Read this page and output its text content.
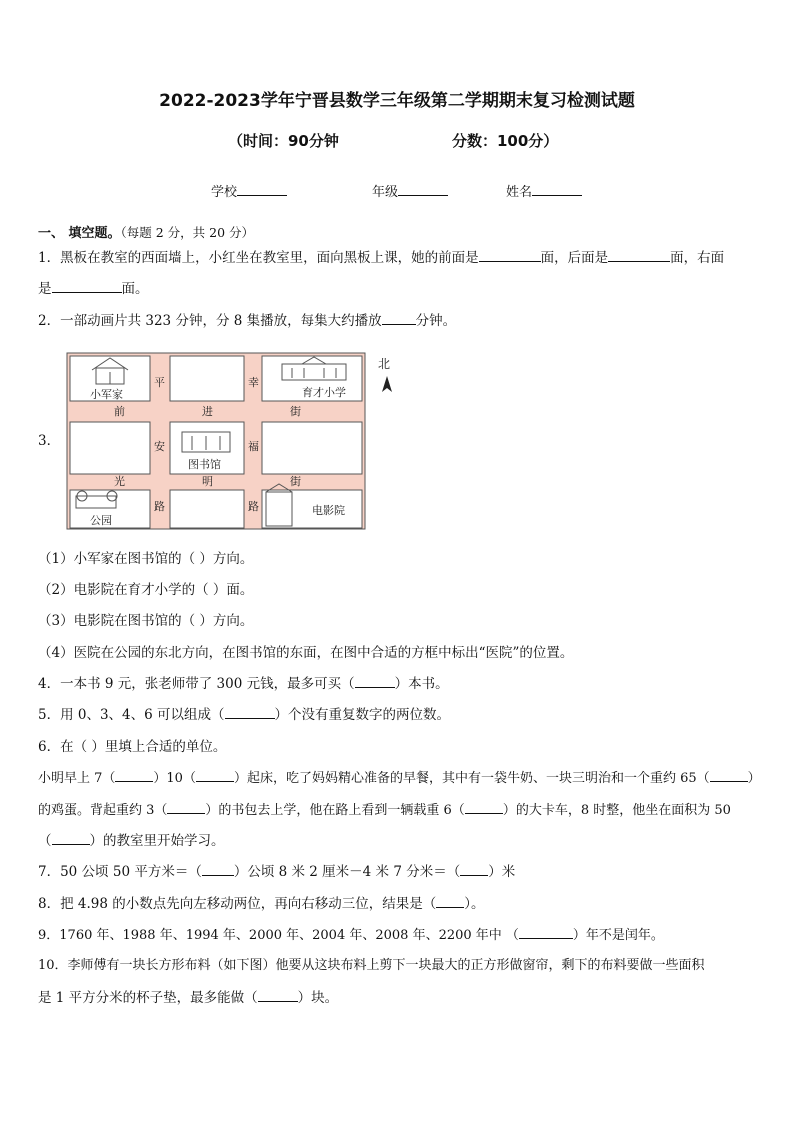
2022-2023学年宁晋县数学三年级第二学期期末复习检测试题
（时间：90分钟	分数：100分）
学校	年级	姓名
一、 填空题。（每题 2 分，共 20 分）
1．黑板在教室的西面墙上，小红坐在教室里，面向黑板上课，她的前面是	面，后面是	面，右面
是	面。
2．一部动画片共 323 分钟，分 8 集播放，每集大约播放	分钟。
3．
小军家	育才小学
图书馆
公园
电影院
平
安
路
幸
福
路
前	进	街
光	明	街
北
（1）小军家在图书馆的（ ）方向。
（2）电影院在育才小学的（ ）面。
（3）电影院在图书馆的（ ）方向。
（4）医院在公园的东北方向，在图书馆的东面，在图中合适的方框中标出“医院”的位置。
4．一本书 9 元，张老师带了 300 元钱，最多可买（	）本书。
5．用 0、3、4、6 可以组成（	）个没有重复数字的两位数。
6．在（ ）里填上合适的单位。
小明早上 7（	）10（	）起床，吃了妈妈精心准备的早餐，其中有一袋牛奶、一块三明治和一个重约 65（	）
的鸡蛋。背起重约 3（	）的书包去上学，他在路上看到一辆载重 6（	）的大卡车，8 时整，他坐在面积为 50
（	）的教室里开始学习。
7．50 公顷 50 平方米＝（ ）公顷 8 米 2 厘米－4 米 7 分米＝（ ）米
8．把 4.98 的小数点先向左移动两位，再向右移动三位，结果是（ ）。
9．1760 年、1988 年、1994 年、2000 年、2004 年、2008 年、2200 年中 （	）年不是闰年。
10．李师傅有一块长方形布料（如下图）他要从这块布料上剪下一块最大的正方形做窗帘，剩下的布料要做一些面积
是 1 平方分米的杯子垫，最多能做（	）块。
